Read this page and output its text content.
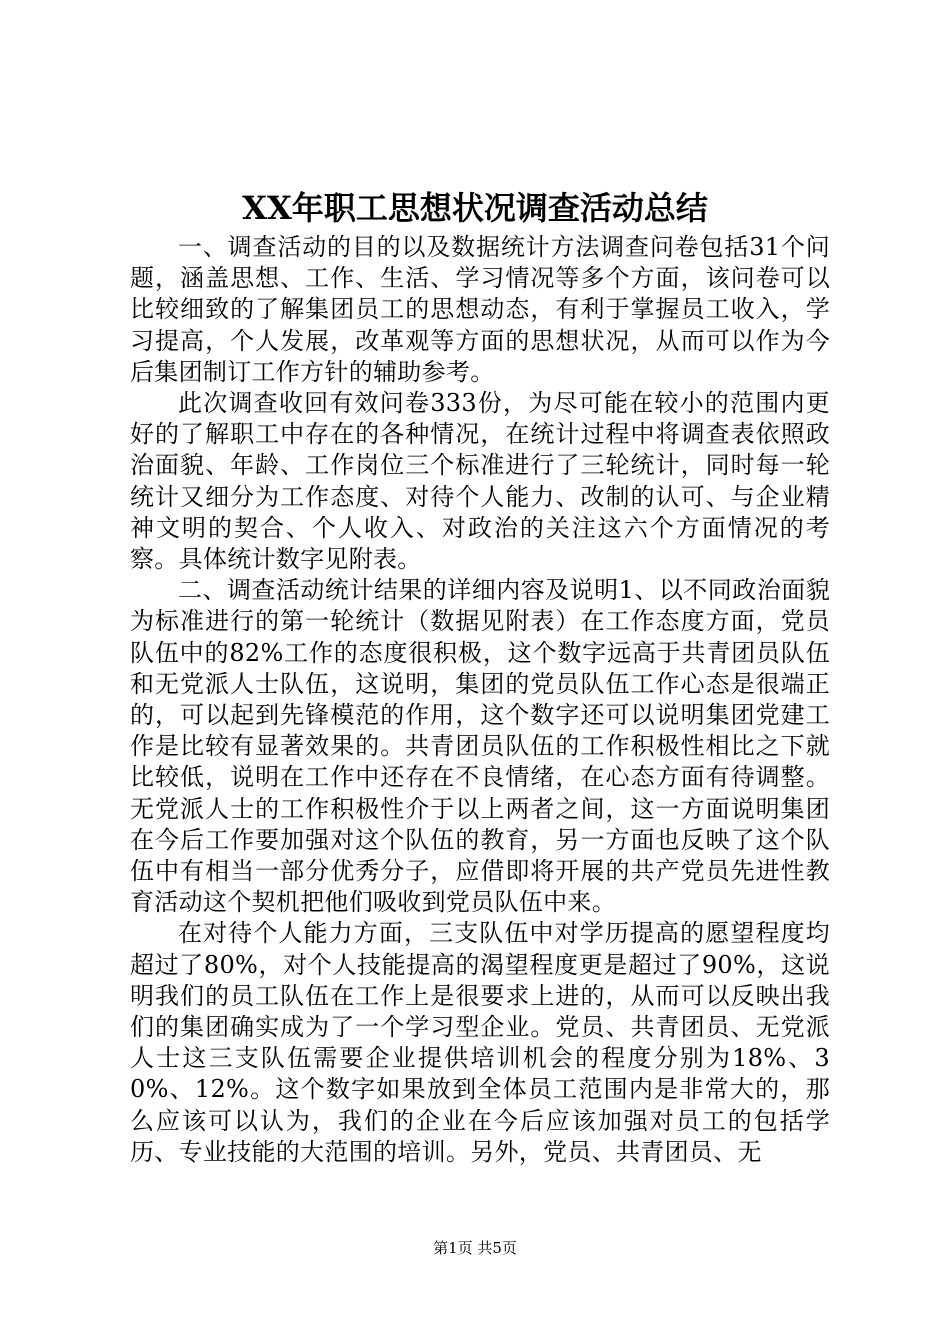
XX年职工思想状况调查活动总结

一、调查活动的目的以及数据统计方法调查问卷包括31个问题，涵盖思想、工作、生活、学习情况等多个方面，该问卷可以比较细致的了解集团员工的思想动态，有利于掌握员工收入，学习提高，个人发展，改革观等方面的思想状况，从而可以作为今后集团制订工作方针的辅助参考。

此次调查收回有效问卷333份，为尽可能在较小的范围内更好的了解职工中存在的各种情况，在统计过程中将调查表依照政治面貌、年龄、工作岗位三个标准进行了三轮统计，同时每一轮统计又细分为工作态度、对待个人能力、改制的认可、与企业精神文明的契合、个人收入、对政治的关注这六个方面情况的考察。具体统计数字见附表。

二、调查活动统计结果的详细内容及说明1、以不同政治面貌为标准进行的第一轮统计（数据见附表）在工作态度方面，党员队伍中的82%工作的态度很积极，这个数字远高于共青团员队伍和无党派人士队伍，这说明，集团的党员队伍工作心态是很端正的，可以起到先锋模范的作用，这个数字还可以说明集团党建工作是比较有显著效果的。共青团员队伍的工作积极性相比之下就比较低，说明在工作中还存在不良情绪，在心态方面有待调整。无党派人士的工作积极性介于以上两者之间，这一方面说明集团在今后工作要加强对这个队伍的教育，另一方面也反映了这个队伍中有相当一部分优秀分子，应借即将开展的共产党员先进性教育活动这个契机把他们吸收到党员队伍中来。

在对待个人能力方面，三支队伍中对学历提高的愿望程度均超过了80%，对个人技能提高的渴望程度更是超过了90%，这说明我们的员工队伍在工作上是很要求上进的，从而可以反映出我们的集团确实成为了一个学习型企业。党员、共青团员、无党派人士这三支队伍需要企业提供培训机会的程度分别为18%、30%、12%。这个数字如果放到全体员工范围内是非常大的，那么应该可以认为，我们的企业在今后应该加强对员工的包括学历、专业技能的大范围的培训。另外，党员、共青团员、无

第1页 共5页
